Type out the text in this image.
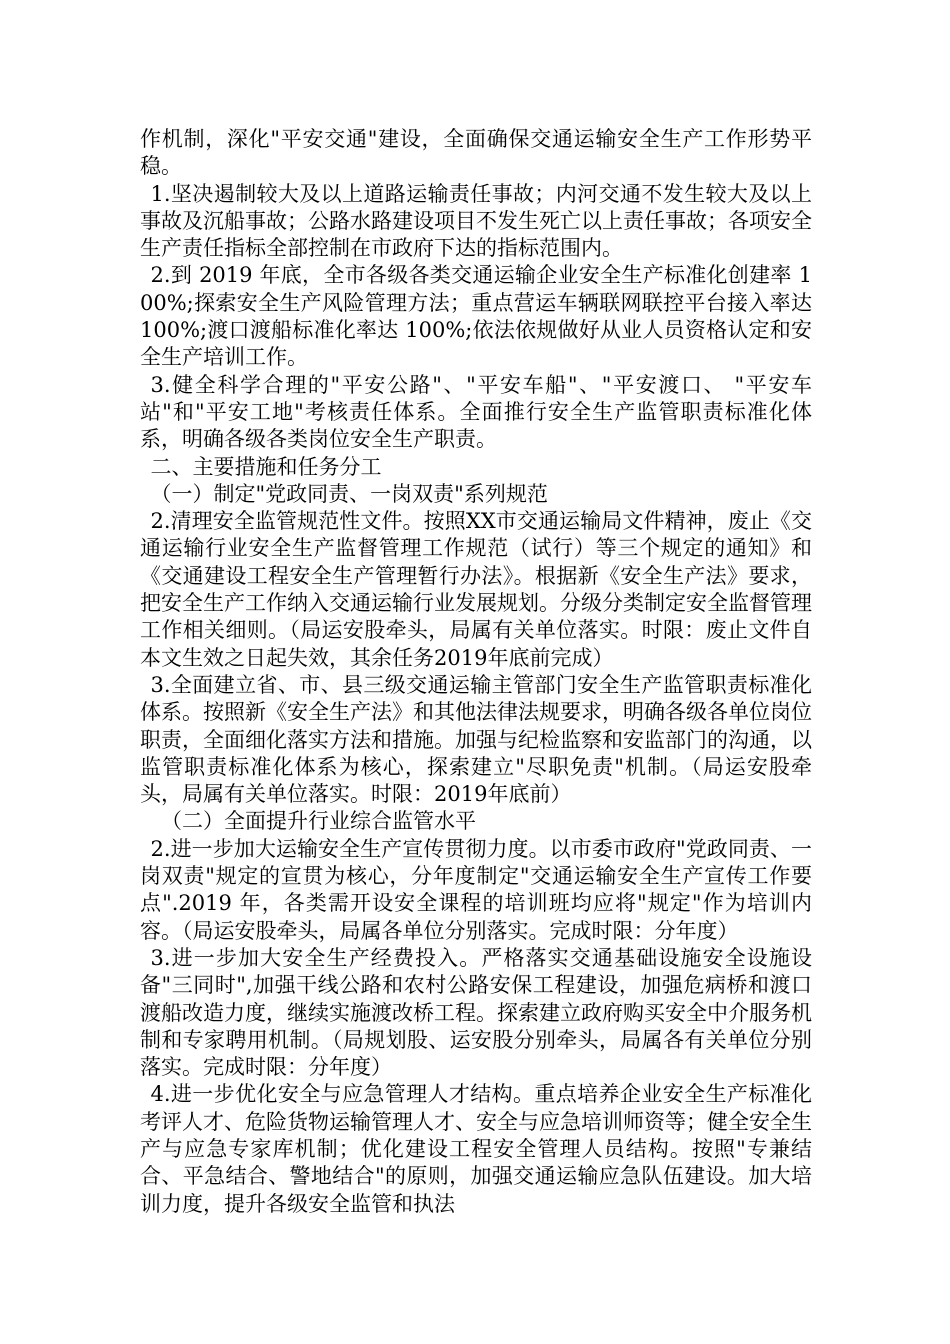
作机制，深化"平安交通"建设，全面确保交通运输安全生产工作形势平稳。

1.坚决遏制较大及以上道路运输责任事故；内河交通不发生较大及以上事故及沉船事故；公路水路建设项目不发生死亡以上责任事故；各项安全生产责任指标全部控制在市政府下达的指标范围内。

2.到 2019 年底，全市各级各类交通运输企业安全生产标准化创建率 100%;探索安全生产风险管理方法；重点营运车辆联网联控平台接入率达 100%;渡口渡船标准化率达 100%;依法依规做好从业人员资格认定和安全生产培训工作。

3.健全科学合理的"平安公路"、"平安车船"、"平安渡口、 "平安车站"和"平安工地"考核责任体系。全面推行安全生产监管职责标准化体系，明确各级各类岗位安全生产职责。

二、主要措施和任务分工

（一）制定"党政同责、一岗双责"系列规范

2.清理安全监管规范性文件。按照XX市交通运输局文件精神，废止《交通运输行业安全生产监督管理工作规范（试行）等三个规定的通知》和《交通建设工程安全生产管理暂行办法》。根据新《安全生产法》要求，把安全生产工作纳入交通运输行业发展规划。分级分类制定安全监督管理工作相关细则。（局运安股牵头，局属有关单位落实。时限：废止文件自本文生效之日起失效，其余任务2019年底前完成）

3.全面建立省、市、县三级交通运输主管部门安全生产监管职责标准化体系。按照新《安全生产法》和其他法律法规要求，明确各级各单位岗位职责，全面细化落实方法和措施。加强与纪检监察和安监部门的沟通，以监管职责标准化体系为核心，探索建立"尽职免责"机制。（局运安股牵头，局属有关单位落实。时限：2019年底前）

（二）全面提升行业综合监管水平

2.进一步加大运输安全生产宣传贯彻力度。以市委市政府"党政同责、一岗双责"规定的宣贯为核心，分年度制定"交通运输安全生产宣传工作要点".2019 年，各类需开设安全课程的培训班均应将"规定"作为培训内容。（局运安股牵头，局属各单位分别落实。完成时限：分年度）

3.进一步加大安全生产经费投入。严格落实交通基础设施安全设施设备"三同时",加强干线公路和农村公路安保工程建设，加强危病桥和渡口渡船改造力度，继续实施渡改桥工程。探索建立政府购买安全中介服务机制和专家聘用机制。（局规划股、运安股分别牵头，局属各有关单位分别落实。完成时限：分年度）

4.进一步优化安全与应急管理人才结构。重点培养企业安全生产标准化考评人才、危险货物运输管理人才、安全与应急培训师资等；健全安全生产与应急专家库机制；优化建设工程安全管理人员结构。按照"专兼结合、平急结合、警地结合"的原则，加强交通运输应急队伍建设。加大培训力度，提升各级安全监管和执法
